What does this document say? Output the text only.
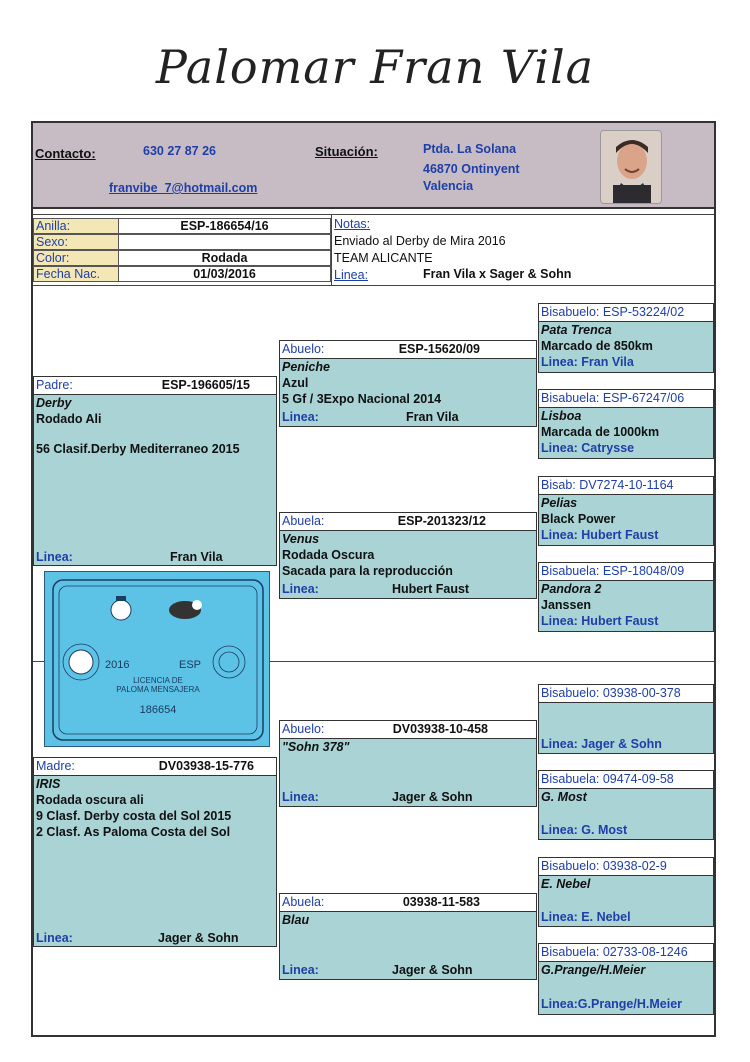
Palomar Fran Vila
Contacto:	630 27 87 26
franvibe_7@hotmail.com
Situación:	Ptda. La Solana
46870 Ontinyent
Valencia
Anilla:	ESP-186654/16
Sexo:
Color:	Rodada
Fecha Nac.	01/03/2016
Notas:
Enviado al Derby de Mira 2016
TEAM ALICANTE
Linea:	Fran Vila x Sager & Sohn
Padre:	ESP-196605/15
Derby
Rodado Ali
56 Clasif.Derby Mediterraneo 2015
Linea:	Fran Vila
2016	ESP
LICENCIA DE
PALOMA MENSAJERA
186654
Madre:	DV03938-15-776
IRIS
Rodada oscura ali
9 Clasf. Derby costa del Sol 2015
2 Clasf. As Paloma Costa del Sol
Linea:	Jager & Sohn
Abuelo:	ESP-15620/09
Peniche
Azul
5 Gf / 3Expo Nacional 2014
Linea:	Fran Vila
Abuela:	ESP-201323/12
Venus
Rodada Oscura
Sacada para la reproducción
Linea:	Hubert Faust
Abuelo:	DV03938-10-458
"Sohn 378"
Linea:	Jager & Sohn
Abuela:	03938-11-583
Blau
Linea:	Jager & Sohn
Bisabuelo: ESP-53224/02
Pata Trenca
Marcado de 850km
Linea: Fran Vila
Bisabuela: ESP-67247/06
Lisboa
Marcada de 1000km
Linea: Catrysse
Bisab: DV7274-10-1164
Pelias
Black Power
Linea: Hubert Faust
Bisabuela: ESP-18048/09
Pandora 2
Janssen
Linea: Hubert Faust
Bisabuelo: 03938-00-378
Linea: Jager & Sohn
Bisabuela: 09474-09-58
G. Most
Linea: G. Most
Bisabuelo: 03938-02-9
E. Nebel
Linea: E. Nebel
Bisabuela: 02733-08-1246
G.Prange/H.Meier
Linea:G.Prange/H.Meier
